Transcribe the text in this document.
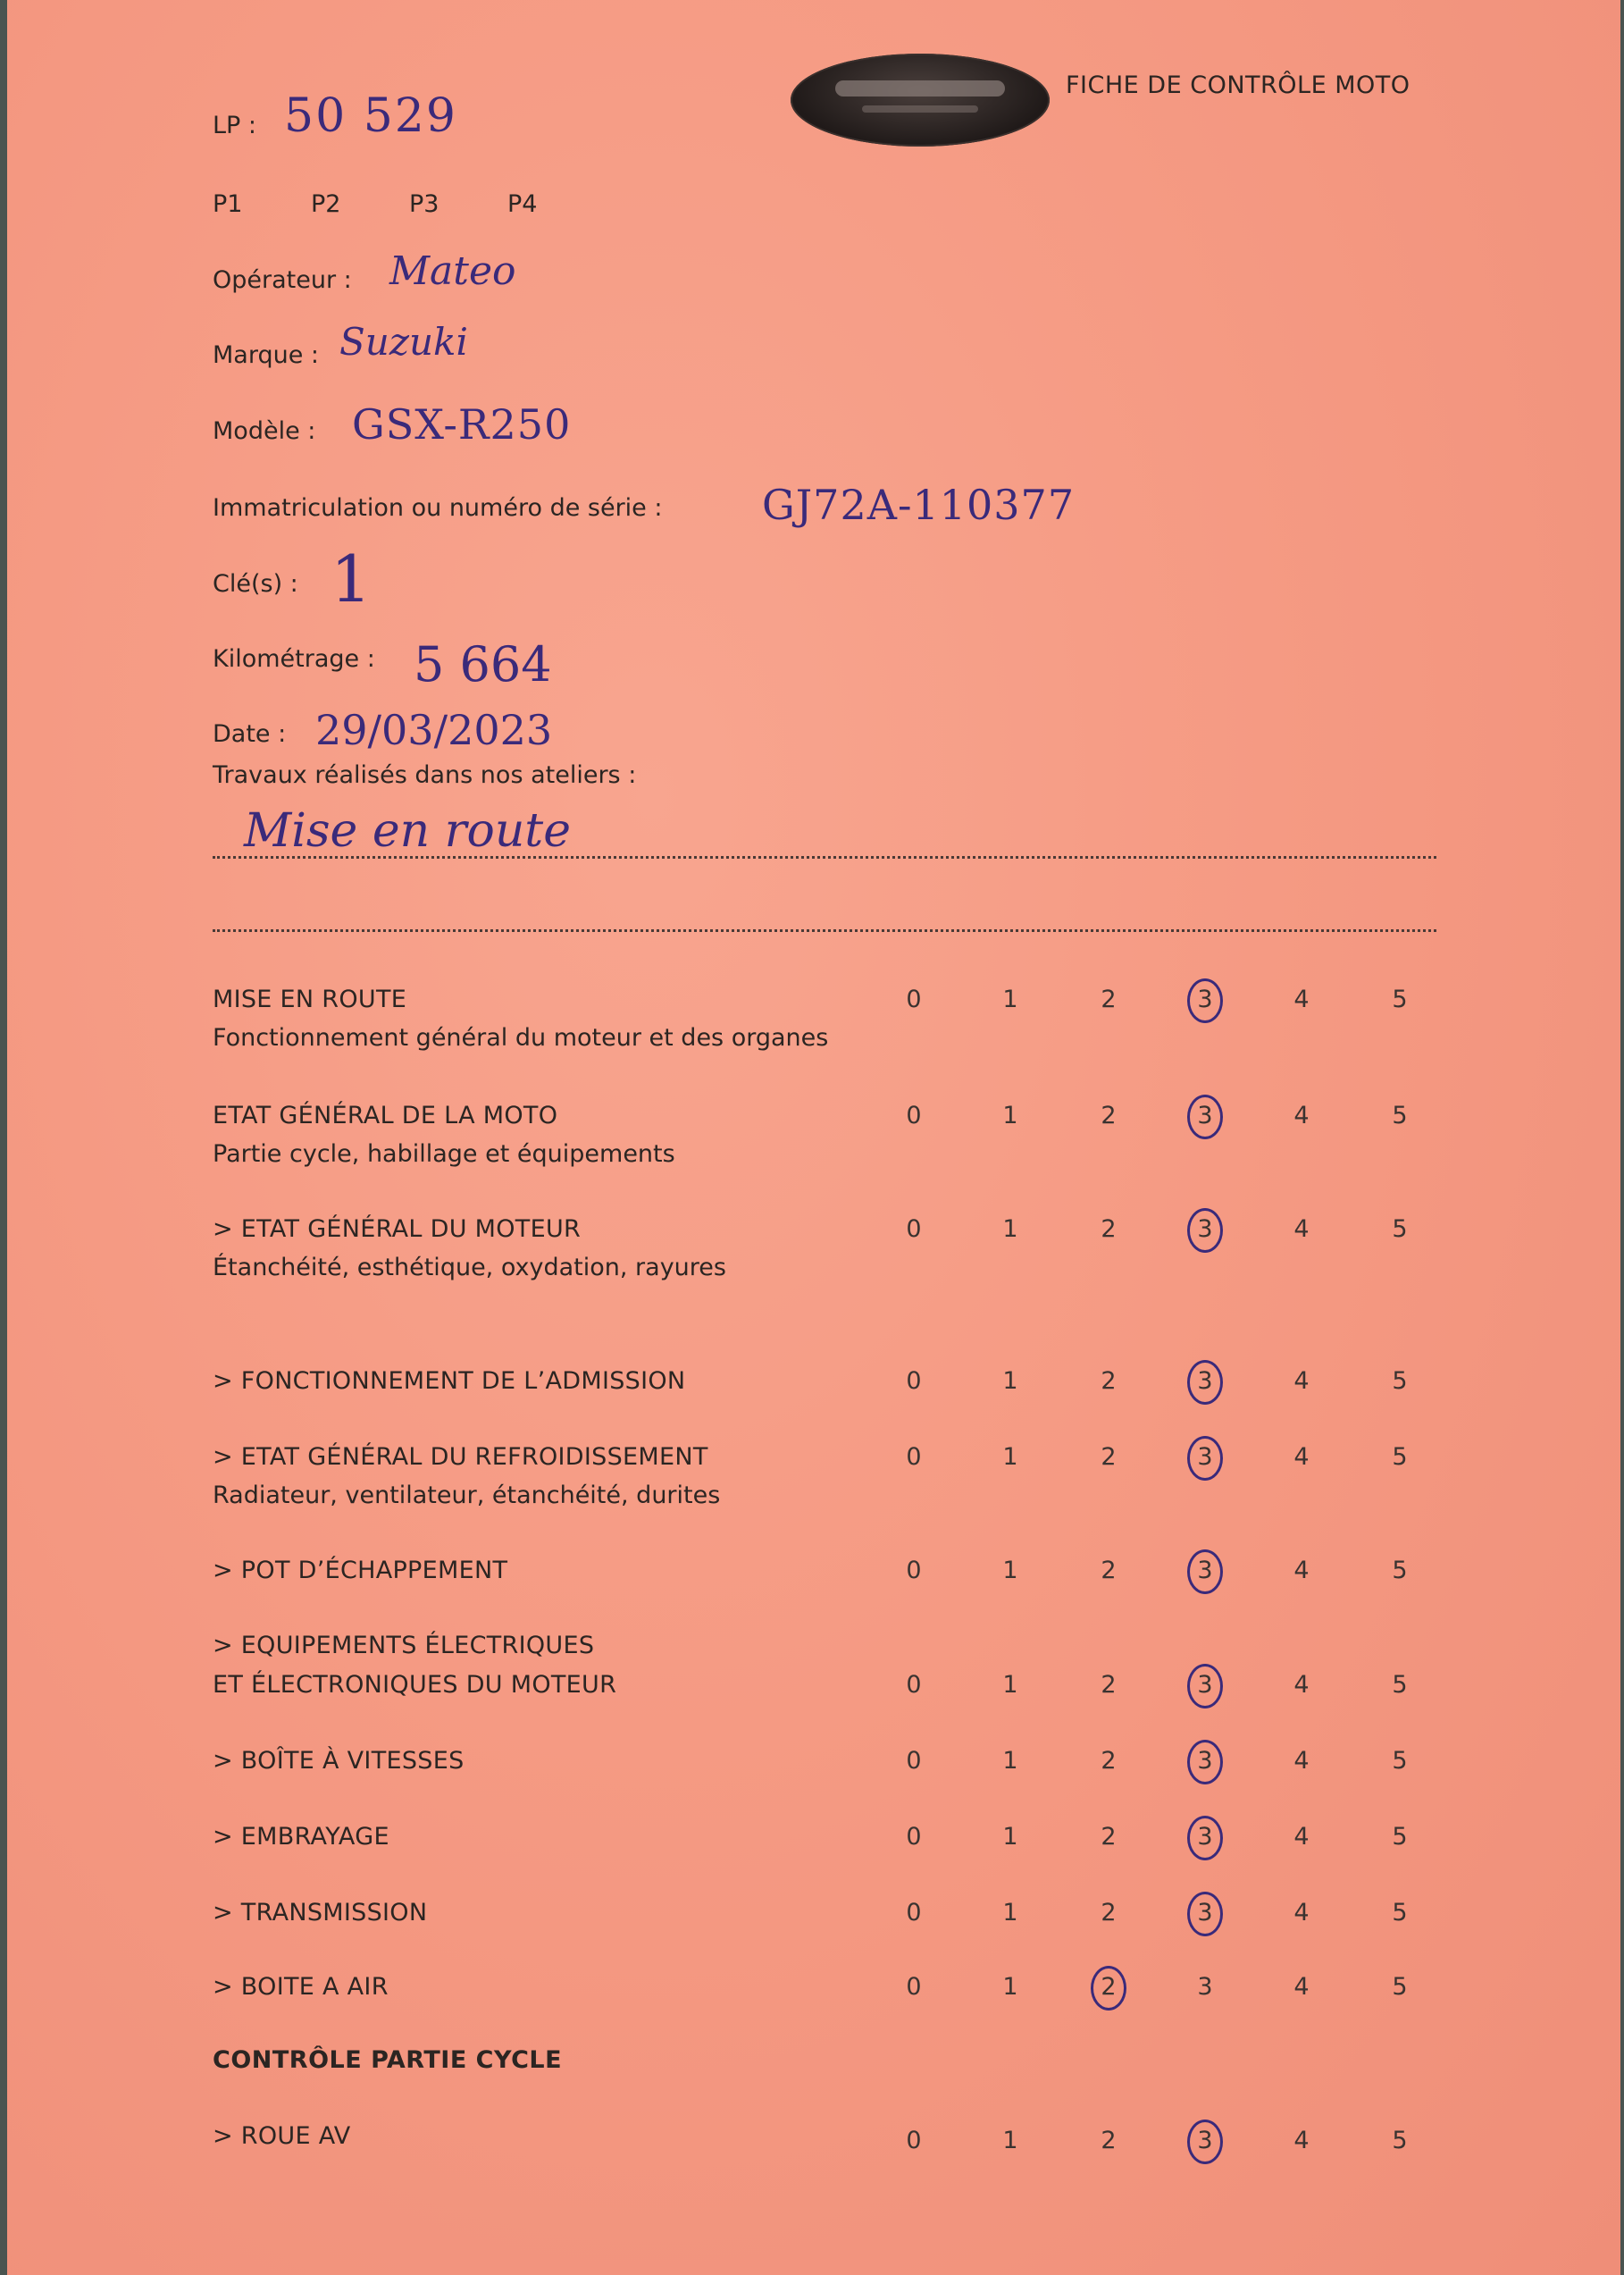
FICHE DE CONTRÔLE MOTO
LP : 50 529
P1	P2	P3	P4
Opérateur : Mateo
Marque : Suzuki
Modèle : GSX-R250
Immatriculation ou numéro de série : GJ72A-110377
Clé(s) : 1
Kilométrage : 5 664
Date : 29/03/2023
Travaux réalisés dans nos ateliers :
Mise en route
MISE EN ROUTE
Fonctionnement général du moteur et des organes
0	1	2	3	4	5
ETAT GÉNÉRAL DE LA MOTO
Partie cycle, habillage et équipements
0	1	2	3	4	5
> ETAT GÉNÉRAL DU MOTEUR
Étanchéité, esthétique, oxydation, rayures
0	1	2	3	4	5
> FONCTIONNEMENT DE L’ADMISSION	0	1	2	3	4	5
> ETAT GÉNÉRAL DU REFROIDISSEMENT
Radiateur, ventilateur, étanchéité, durites
0	1	2	3	4	5
> POT D’ÉCHAPPEMENT	0	1	2	3	4	5
> EQUIPEMENTS ÉLECTRIQUES
ET ÉLECTRONIQUES DU MOTEUR	0	1	2	3	4	5
> BOÎTE À VITESSES	0	1	2	3	4	5
> EMBRAYAGE	0	1	2	3	4	5
> TRANSMISSION	0	1	2	3	4	5
> BOITE A AIR	0	1	2	3	4	5
CONTRÔLE PARTIE CYCLE
> ROUE AV	0	1	2	3	4	5
